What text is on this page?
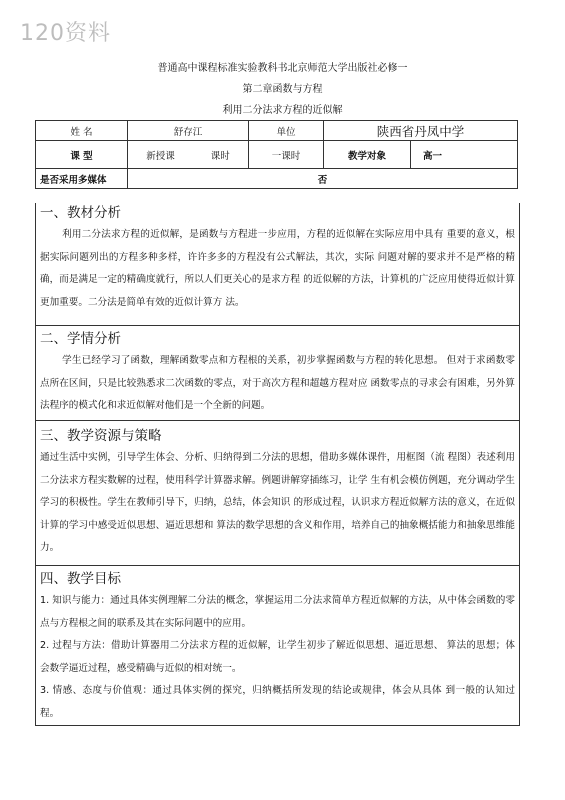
120资料
普通高中课程标准实验教科书北京师范大学出版社必修一
第二章函数与方程
利用二分法求方程的近似解
姓 名	舒存江	单位	陕西省丹凤中学	
课 型	新授课 课时	一课时	教学对象	高一
是否采用多媒体	否			
一、教材分析
利用二分法求方程的近似解，是函数与方程进一步应用，方程的近似解在实际应用中具有 重要的意义，根据实际问题列出的方程多种多样，许许多多的方程没有公式解法，其次，实际 问题对解的要求并不是严格的精确，而是满足一定的精确度就行，所以人们更关心的是求方程 的近似解的方法，计算机的广泛应用使得近似计算更加重要。二分法是简单有效的近似计算方 法。
二、学情分析
学生已经学习了函数，理解函数零点和方程根的关系，初步掌握函数与方程的转化思想。 但对于求函数零点所在区间，只是比较熟悉求二次函数的零点，对于高次方程和超越方程对应 函数零点的寻求会有困难，另外算法程序的模式化和求近似解对他们是一个全新的问题。
三、教学资源与策略
通过生活中实例，引导学生体会、分析、归纳得到二分法的思想，借助多媒体课件，用框图（流 程图）表述利用二分法求方程实数解的过程，使用科学计算器求解。例题讲解穿插练习，让学 生有机会模仿例题，充分调动学生学习的积极性。学生在教师引导下，归纳，总结，体会知识 的形成过程，认识求方程近似解方法的意义，在近似计算的学习中感受近似思想、逼近思想和 算法的数学思想的含义和作用，培养自己的抽象概括能力和抽象思维能力。
四、教学目标

1. 知识与能力：通过具体实例理解二分法的概念，掌握运用二分法求简单方程近似解的方法，从中体会函数的零点与方程根之间的联系及其在实际问题中的应用。

2. 过程与方法：借助计算器用二分法求方程的近似解，让学生初步了解近似思想、逼近思想、 算法的思想；体会数学逼近过程，感受精确与近似的相对统一。

3. 情感、态度与价值观：通过具体实例的探究，归纳概括所发现的结论或规律，体会从具体 到一般的认知过程。
